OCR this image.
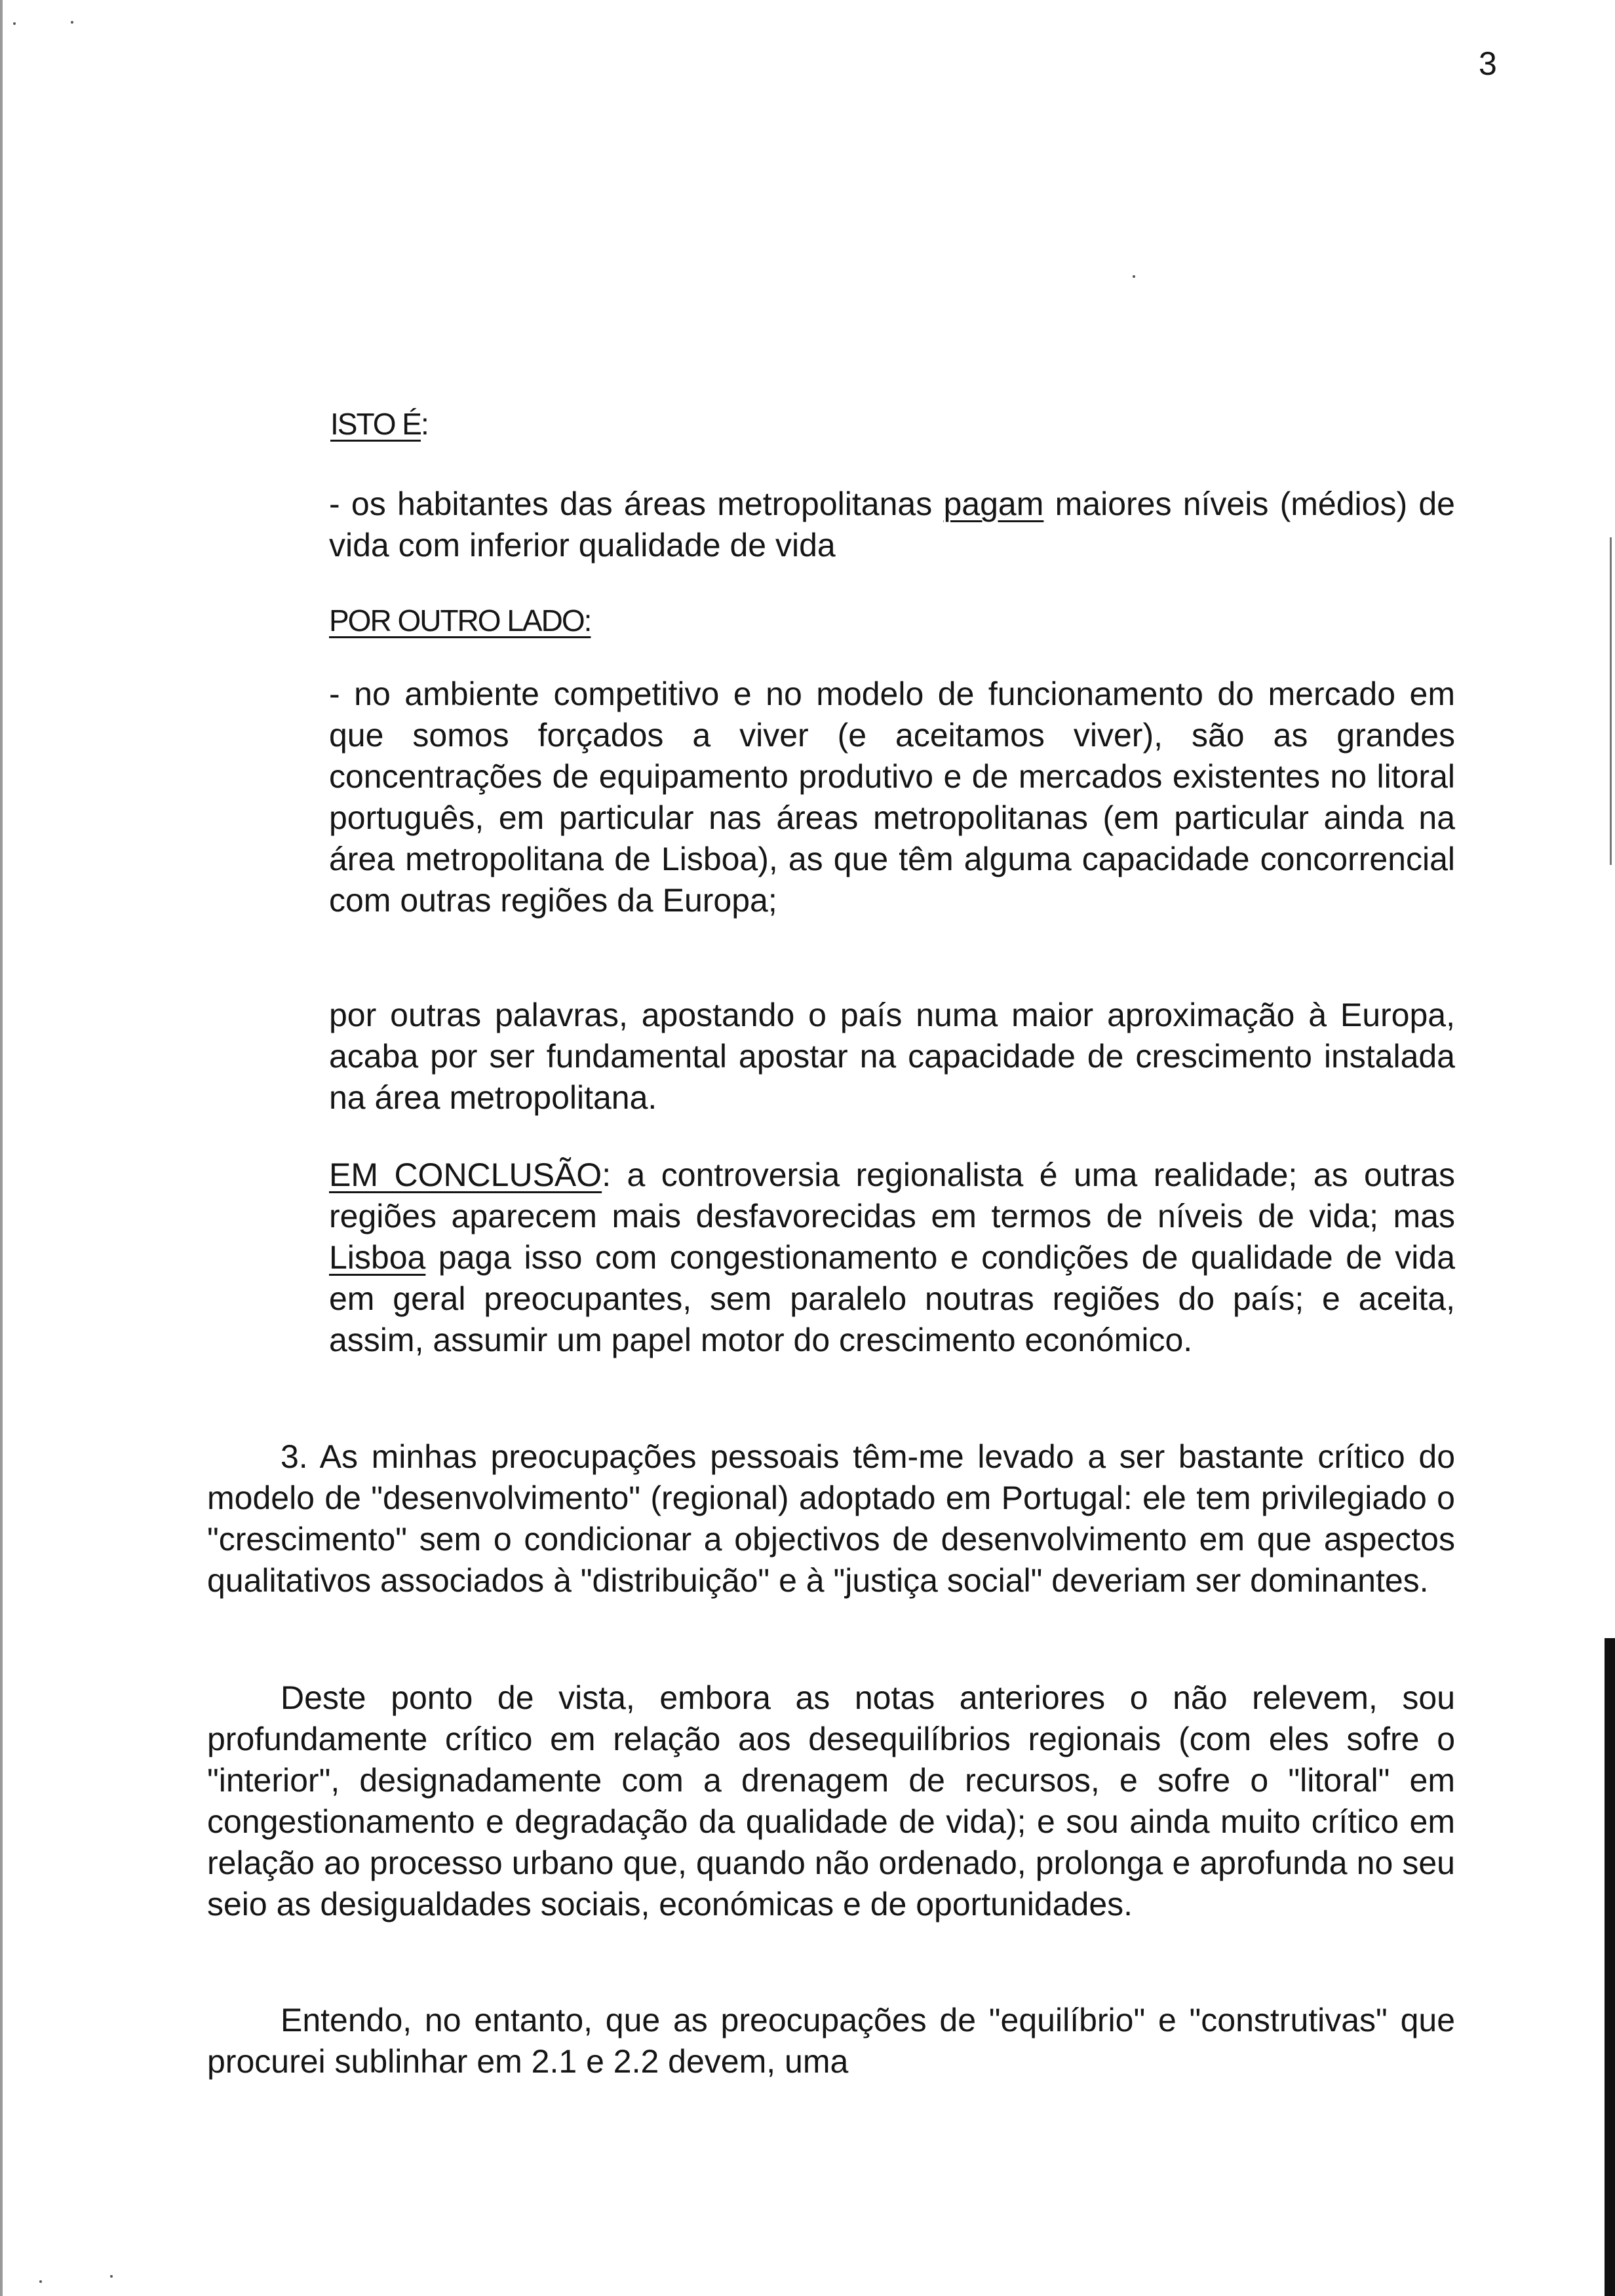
3
ISTO É :

- os habitantes das áreas metropolitanas pagam maiores níveis (médios) de vida com inferior qualidade de vida

POR OUTRO LADO:

- no ambiente competitivo e no modelo de funcionamento do mercado em que somos forçados a viver (e aceitamos viver), são as grandes concentrações de equipamento produtivo e de mercados existentes no litoral português, em particular nas áreas metropolitanas (em particular ainda na área metropolitana de Lisboa), as que têm alguma capacidade concorrencial com outras regiões da Europa;

por outras palavras, apostando o país numa maior aproximação à Europa, acaba por ser fundamental apostar na capacidade de crescimento instalada na área metropolitana.

EM CONCLUSÃO: a controversia regionalista é uma realidade; as outras regiões aparecem mais desfavorecidas em termos de níveis de vida; mas Lisboa paga isso com congestionamento e condições de qualidade de vida em geral preocupantes, sem paralelo noutras regiões do país; e aceita, assim, assumir um papel motor do crescimento económico.

3. As minhas preocupações pessoais têm-me levado a ser bastante crítico do modelo de "desenvolvimento" (regional) adoptado em Portugal: ele tem privilegiado o "crescimento" sem o condicionar a objectivos de desenvolvimento em que aspectos qualitativos associados à "distribuição" e à "justiça social" deveriam ser dominantes.

Deste ponto de vista, embora as notas anteriores o não relevem, sou profundamente crítico em relação aos desequilíbrios regionais (com eles sofre o "interior", designadamente com a drenagem de recursos, e sofre o "litoral" em congestionamento e degradação da qualidade de vida); e sou ainda muito crítico em relação ao processo urbano que, quando não ordenado, prolonga e aprofunda no seu seio as desigualdades sociais, económicas e de oportunidades.

Entendo, no entanto, que as preocupações de "equilíbrio" e "construtivas" que procurei sublinhar em 2.1 e 2.2 devem, uma
